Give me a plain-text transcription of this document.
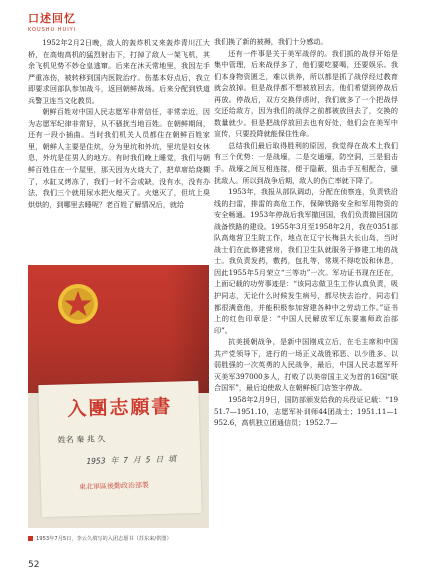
口述回忆
KOUSHU HUIYI

1952年2月2日晚，敌人的轰炸机又来轰炸青川江大桥，在高炮高机的猛烈射击下，打掉了敌人一架飞机，其余飞机见势不妙仓皇逃窜。后来在沐天常地里，我因左手严重冻伤，被转移到国内医院治疗。伤基本好点后，我立即要求回部队参加战斗，返回朝鲜战场。后来分配到铁道兵警卫连当文化教员。

朝鲜百姓对中国人民志愿军非常信任，非常亲近，因为志愿军纪律非常好，从不骚扰当地百姓。在朝鲜期间，还有一段小插曲。当时我们机关人员都住在朝鲜百姓家里，朝鲜人主要是住炕，分为里坑和外坑，里坑是妇女休息，外坑是住男人的地方。有时我们晚上睡觉，我们与朝鲜百姓住在一个屋里，那天因为火烧大了，把草席给烧糊了，水缸又烤冻了，我们一时不会或缺，没有水，没有办法，我们三个就用尿水把火熄灭了。火熄灭了，但坑上臭烘烘的，到哪里去睡呢？老百姓了解情况后，就给

入團志願書
姓名 秦 兆 久
1953 年 7 月 5 日 填
東北軍區後勤政治部製
1953年7月5日，李云久填写的入团志愿书（苏东来/供图）

我们换了新的被褥，我们十分感动。

还有一件事是关于美军战俘的。我们抓的战俘开始是集中管理，后来战俘多了，他们要吃要喝，还要娱乐。我们本身物资匮乏，难以供养，所以都是抓了战俘经过教育就会放掉。但是战俘都不想被放回去，他们希望到停战后再放。停战后，双方交换俘虏时，我们就多了一个把战俘交还给敌方，因为我们的战俘之前都被放回去了，交换的数量就少。但是把战俘放回去也有好处，他们会在美军中宣传，只要投降就能保住性命。

总结我们最后取得胜利的原因，我觉得在战术上我们有三个优势：一是战壕，二是交通壕，防空洞，三是狙击手。战壕之间互相连接，便于隐蔽，狙击手互相配合，骚扰敌人。所以到战争后期，敌人的伤亡率就下降了。

1953年，我报从部队调动，分配在侦察连，负责铁沿线的扫雷，排雷的高危工作，保障铁路安全和军用物资的安全畅通。1953年停战后我军撤回国，我们负责撤回国防战备铁路的建设。1955年3月至1958年2月，我在0351部队高炮营卫生院工作，地点在辽宁长梅县大长山岛，当时战士们在此修建营房，我们卫生队就服务于修建工地的战士。我负责发药，敷药，包扎等，常规不得吃饭和休息，因此1955年5月荣立“三等功”一次。军功证书现在还在，上面记载的功劳事迹是：“该同志做卫生工作认真负责，吸护同志，无论什么时候发生病号，都尽快去治疗，同志们都很满意他，并能积极参加营建各种中之劳动工作。”证书上的红色印章是：“中国人民解放军辽东要塞师政治部印”。

抗美援朝战争，是新中国刚成立后，在毛主席和中国共产党领导下，进行的一场正义战胜邪恶、以少胜多、以弱胜强的一次英勇的人民战争，最后，中国人民志愿军歼灭美军397000多人，打败了以美帝国主义为首的16国“联合国军”，最后迫使敌人在朝鲜板门店签字停战。

1958年2月9日，国防部颁发给我的兵役证记载：“1951.7—1951.10，志愿军补训师44团战士；1951.11—1952.6，高机独立团通信员；1952.7—

52
